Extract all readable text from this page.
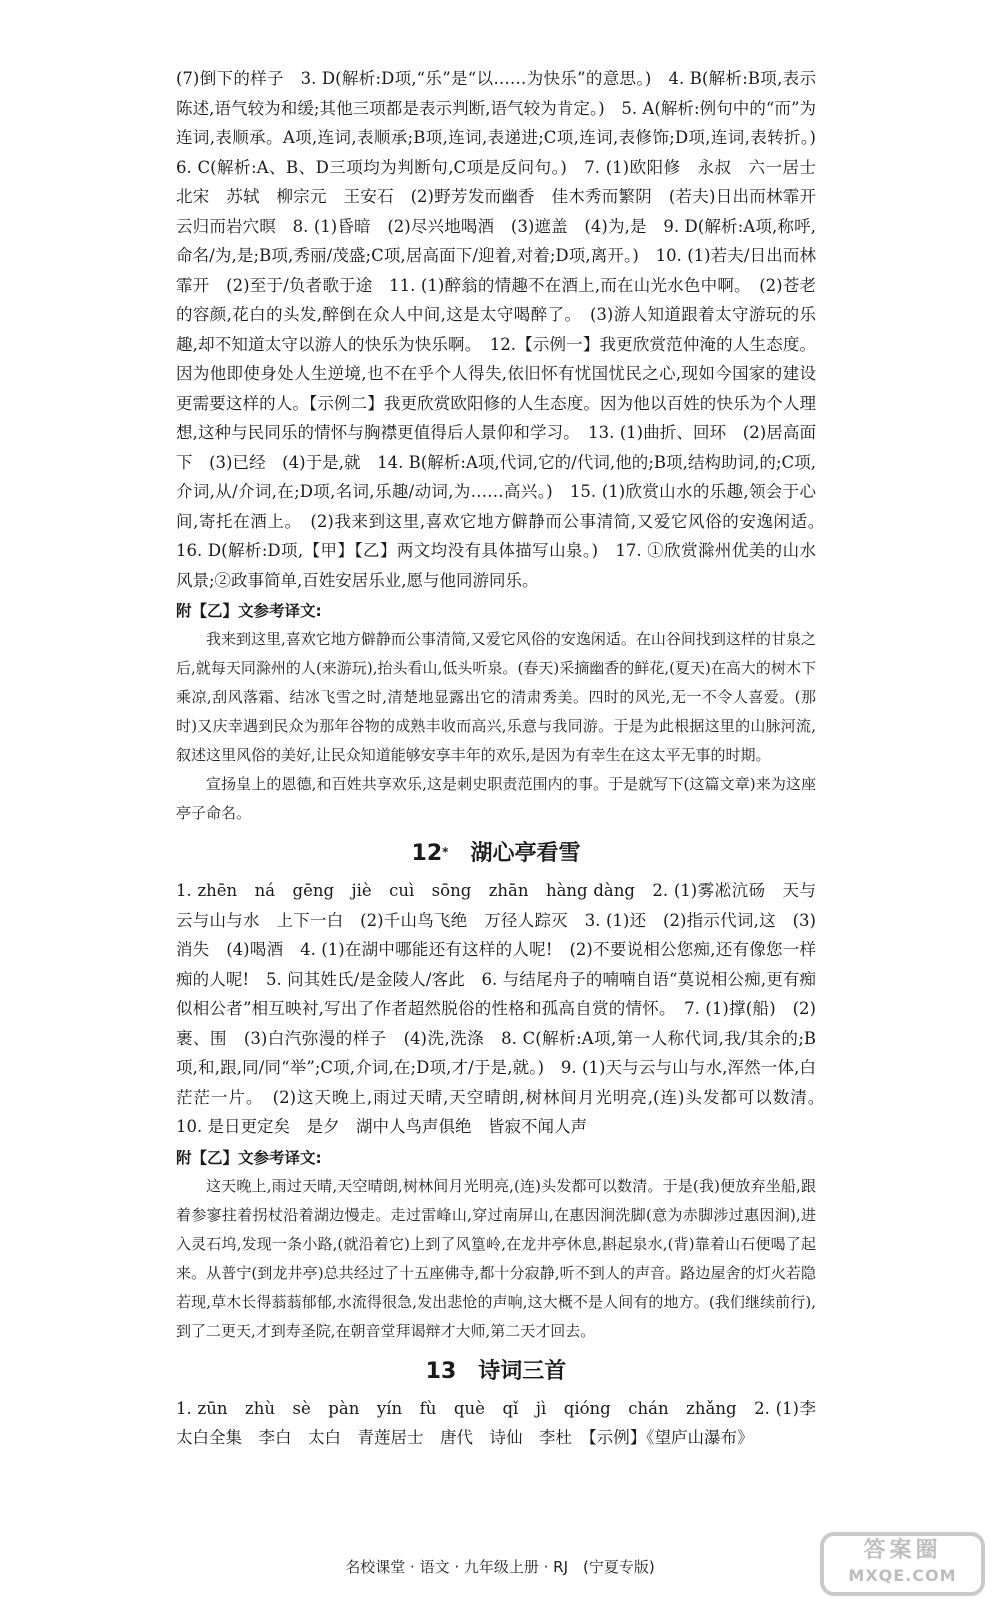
(7)倒下的样子　3. D(解析:D项,“乐”是“以……为快乐”的意思。)　4. B(解析:B项,表示陈述,语气较为和缓;其他三项都是表示判断,语气较为肯定。)　5. A(解析:例句中的“而”为连词,表顺承。A项,连词,表顺承;B项,连词,表递进;C项,连词,表修饰;D项,连词,表转折。)　6. C(解析:A、B、D三项均为判断句,C项是反问句。)　7. (1)欧阳修　永叔　六一居士　北宋　苏轼　柳宗元　王安石　(2)野芳发而幽香　佳木秀而繁阴　(若夫)日出而林霏开　云归而岩穴暝　8. (1)昏暗　(2)尽兴地喝酒　(3)遮盖　(4)为,是　9. D(解析:A项,称呼,命名/为,是;B项,秀丽/茂盛;C项,居高面下/迎着,对着;D项,离开。)　10. (1)若夫/日出而林霏开　(2)至于/负者歌于途　11. (1)醉翁的情趣不在酒上,而在山光水色中啊。　(2)苍老的容颜,花白的头发,醉倒在众人中间,这是太守喝醉了。　(3)游人知道跟着太守游玩的乐趣,却不知道太守以游人的快乐为快乐啊。　12.【示例一】我更欣赏范仲淹的人生态度。因为他即使身处人生逆境,也不在乎个人得失,依旧怀有忧国忧民之心,现如今国家的建设更需要这样的人。【示例二】我更欣赏欧阳修的人生态度。因为他以百姓的快乐为个人理想,这种与民同乐的情怀与胸襟更值得后人景仰和学习。　13. (1)曲折、回环　(2)居高面下　(3)已经　(4)于是,就　14. B(解析:A项,代词,它的/代词,他的;B项,结构助词,的;C项,介词,从/介词,在;D项,名词,乐趣/动词,为……高兴。)　15. (1)欣赏山水的乐趣,领会于心间,寄托在酒上。　(2)我来到这里,喜欢它地方僻静而公事清简,又爱它风俗的安逸闲适。　16. D(解析:D项,【甲】【乙】两文均没有具体描写山泉。)　17. ①欣赏滁州优美的山水风景;②政事简单,百姓安居乐业,愿与他同游同乐。

附【乙】文参考译文:

我来到这里,喜欢它地方僻静而公事清简,又爱它风俗的安逸闲适。在山谷间找到这样的甘泉之后,就每天同滁州的人(来游玩),抬头看山,低头听泉。(春天)采摘幽香的鲜花,(夏天)在高大的树木下乘凉,刮风落霜、结冰飞雪之时,清楚地显露出它的清肃秀美。四时的风光,无一不令人喜爱。(那时)又庆幸遇到民众为那年谷物的成熟丰收而高兴,乐意与我同游。于是为此根据这里的山脉河流,叙述这里风俗的美好,让民众知道能够安享丰年的欢乐,是因为有幸生在这太平无事的时期。

宣扬皇上的恩德,和百姓共享欢乐,这是刺史职责范围内的事。于是就写下(这篇文章)来为这座亭子命名。

12* 湖心亭看雪

1. zhēn　ná　gēng　jiè　cuì　sōng　zhān　hàng dàng　2. (1)雾凇沆砀　天与云与山与水　上下一白　(2)千山鸟飞绝　万径人踪灭　3. (1)还　(2)指示代词,这　(3)消失　(4)喝酒　4. (1)在湖中哪能还有这样的人呢!　(2)不要说相公您痴,还有像您一样痴的人呢!　5. 问其姓氏/是金陵人/客此　6. 与结尾舟子的喃喃自语“莫说相公痴,更有痴似相公者”相互映衬,写出了作者超然脱俗的性格和孤高自赏的情怀。　7. (1)撑(船)　(2)裹、围　(3)白汽弥漫的样子　(4)洗,洗涤　8. C(解析:A项,第一人称代词,我/其余的;B项,和,跟,同/同“举”;C项,介词,在;D项,才/于是,就。)　9. (1)天与云与山与水,浑然一体,白茫茫一片。　(2)这天晚上,雨过天晴,天空晴朗,树林间月光明亮,(连)头发都可以数清。　10. 是日更定矣　是夕　湖中人鸟声俱绝　皆寂不闻人声

附【乙】文参考译文:

这天晚上,雨过天晴,天空晴朗,树林间月光明亮,(连)头发都可以数清。于是(我)便放弃坐船,跟着参寥拄着拐杖沿着湖边慢走。走过雷峰山,穿过南屏山,在惠因涧洗脚(意为赤脚涉过惠因涧),进入灵石坞,发现一条小路,(就沿着它)上到了风篁岭,在龙井亭休息,斟起泉水,(背)靠着山石便喝了起来。从普宁(到龙井亭)总共经过了十五座佛寺,都十分寂静,听不到人的声音。路边屋舍的灯火若隐若现,草木长得蓊蓊郁郁,水流得很急,发出悲怆的声响,这大概不是人间有的地方。(我们继续前行),到了二更天,才到寿圣院,在朝音堂拜谒辩才大师,第二天才回去。

13 诗词三首

1. zūn　zhù　sè　pàn　yín　fù　què　qǐ　jì　qióng　chán　zhǎng　2. (1)李太白全集　李白　太白　青莲居士　唐代　诗仙　李杜　【示例】《望庐山瀑布》

名校课堂 · 语文 · 九年级上册 · RJ　(宁夏专版)
答案圈
MXQE.COM
